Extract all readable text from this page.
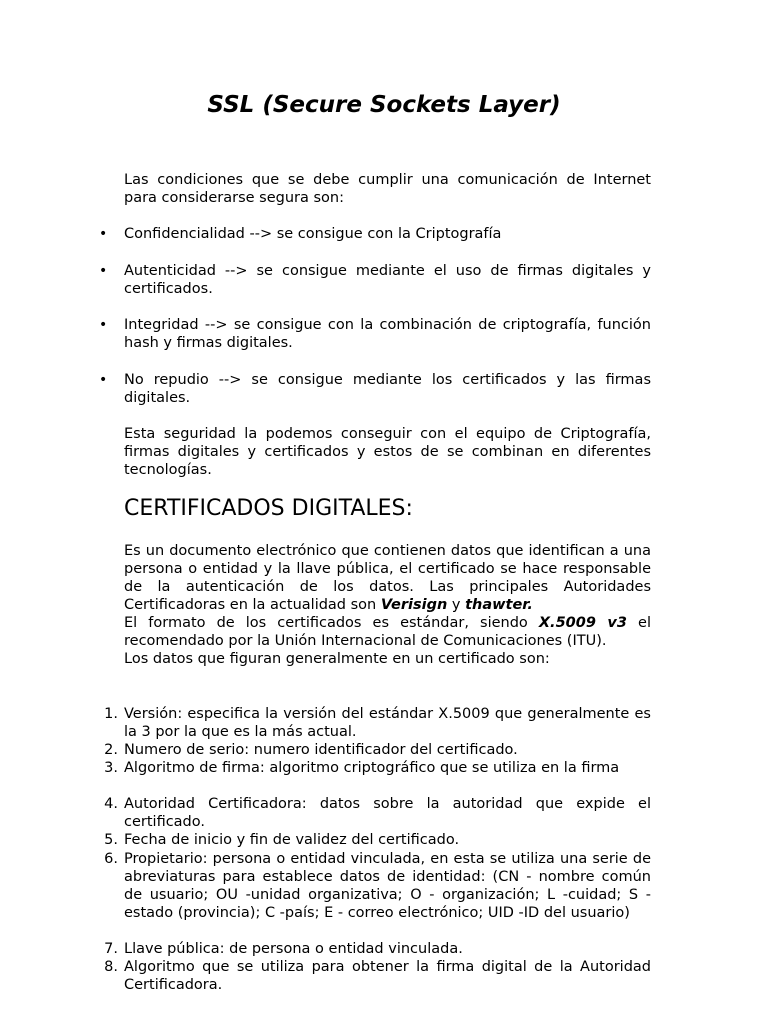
SSL (Secure Sockets Layer)
Las condiciones que se debe cumplir una comunicación de Internet para considerarse segura son:
• Confidencialidad --> se consigue con la Criptografía
• Autenticidad --> se consigue mediante el uso de firmas digitales y certificados.
• Integridad --> se consigue con la combinación de criptografía, función hash y firmas digitales.
• No repudio --> se consigue mediante los certificados y las firmas digitales.
Esta seguridad la podemos conseguir con el equipo de Criptografía, firmas digitales y certificados y estos de se combinan en diferentes tecnologías.
CERTIFICADOS DIGITALES:
Es un documento electrónico que contienen datos que identifican a una persona o entidad y la llave pública, el certificado se hace responsable de la autenticación de los datos. Las principales Autoridades Certificadoras en la actualidad son Verisign y thawter.
El formato de los certificados es estándar, siendo X.5009 v3 el recomendado por la Unión Internacional de Comunicaciones (ITU).
Los datos que figuran generalmente en un certificado son:
1. Versión: especifica la versión del estándar X.5009 que generalmente es la 3 por la que es la más actual.
2. Numero de serio: numero identificador del certificado.
3. Algoritmo de firma: algoritmo criptográfico que se utiliza en la firma
4. Autoridad Certificadora: datos sobre la autoridad que expide el certificado.
5. Fecha de inicio y fin de validez del certificado.
6. Propietario: persona o entidad vinculada, en esta se utiliza una serie de abreviaturas para establece datos de identidad: (CN - nombre común de usuario; OU -unidad organizativa; O - organización; L -cuidad; S -estado (provincia); C -país; E - correo electrónico; UID -ID del usuario)
7. Llave pública: de persona o entidad vinculada.
8. Algoritmo que se utiliza para obtener la firma digital de la Autoridad Certificadora.
